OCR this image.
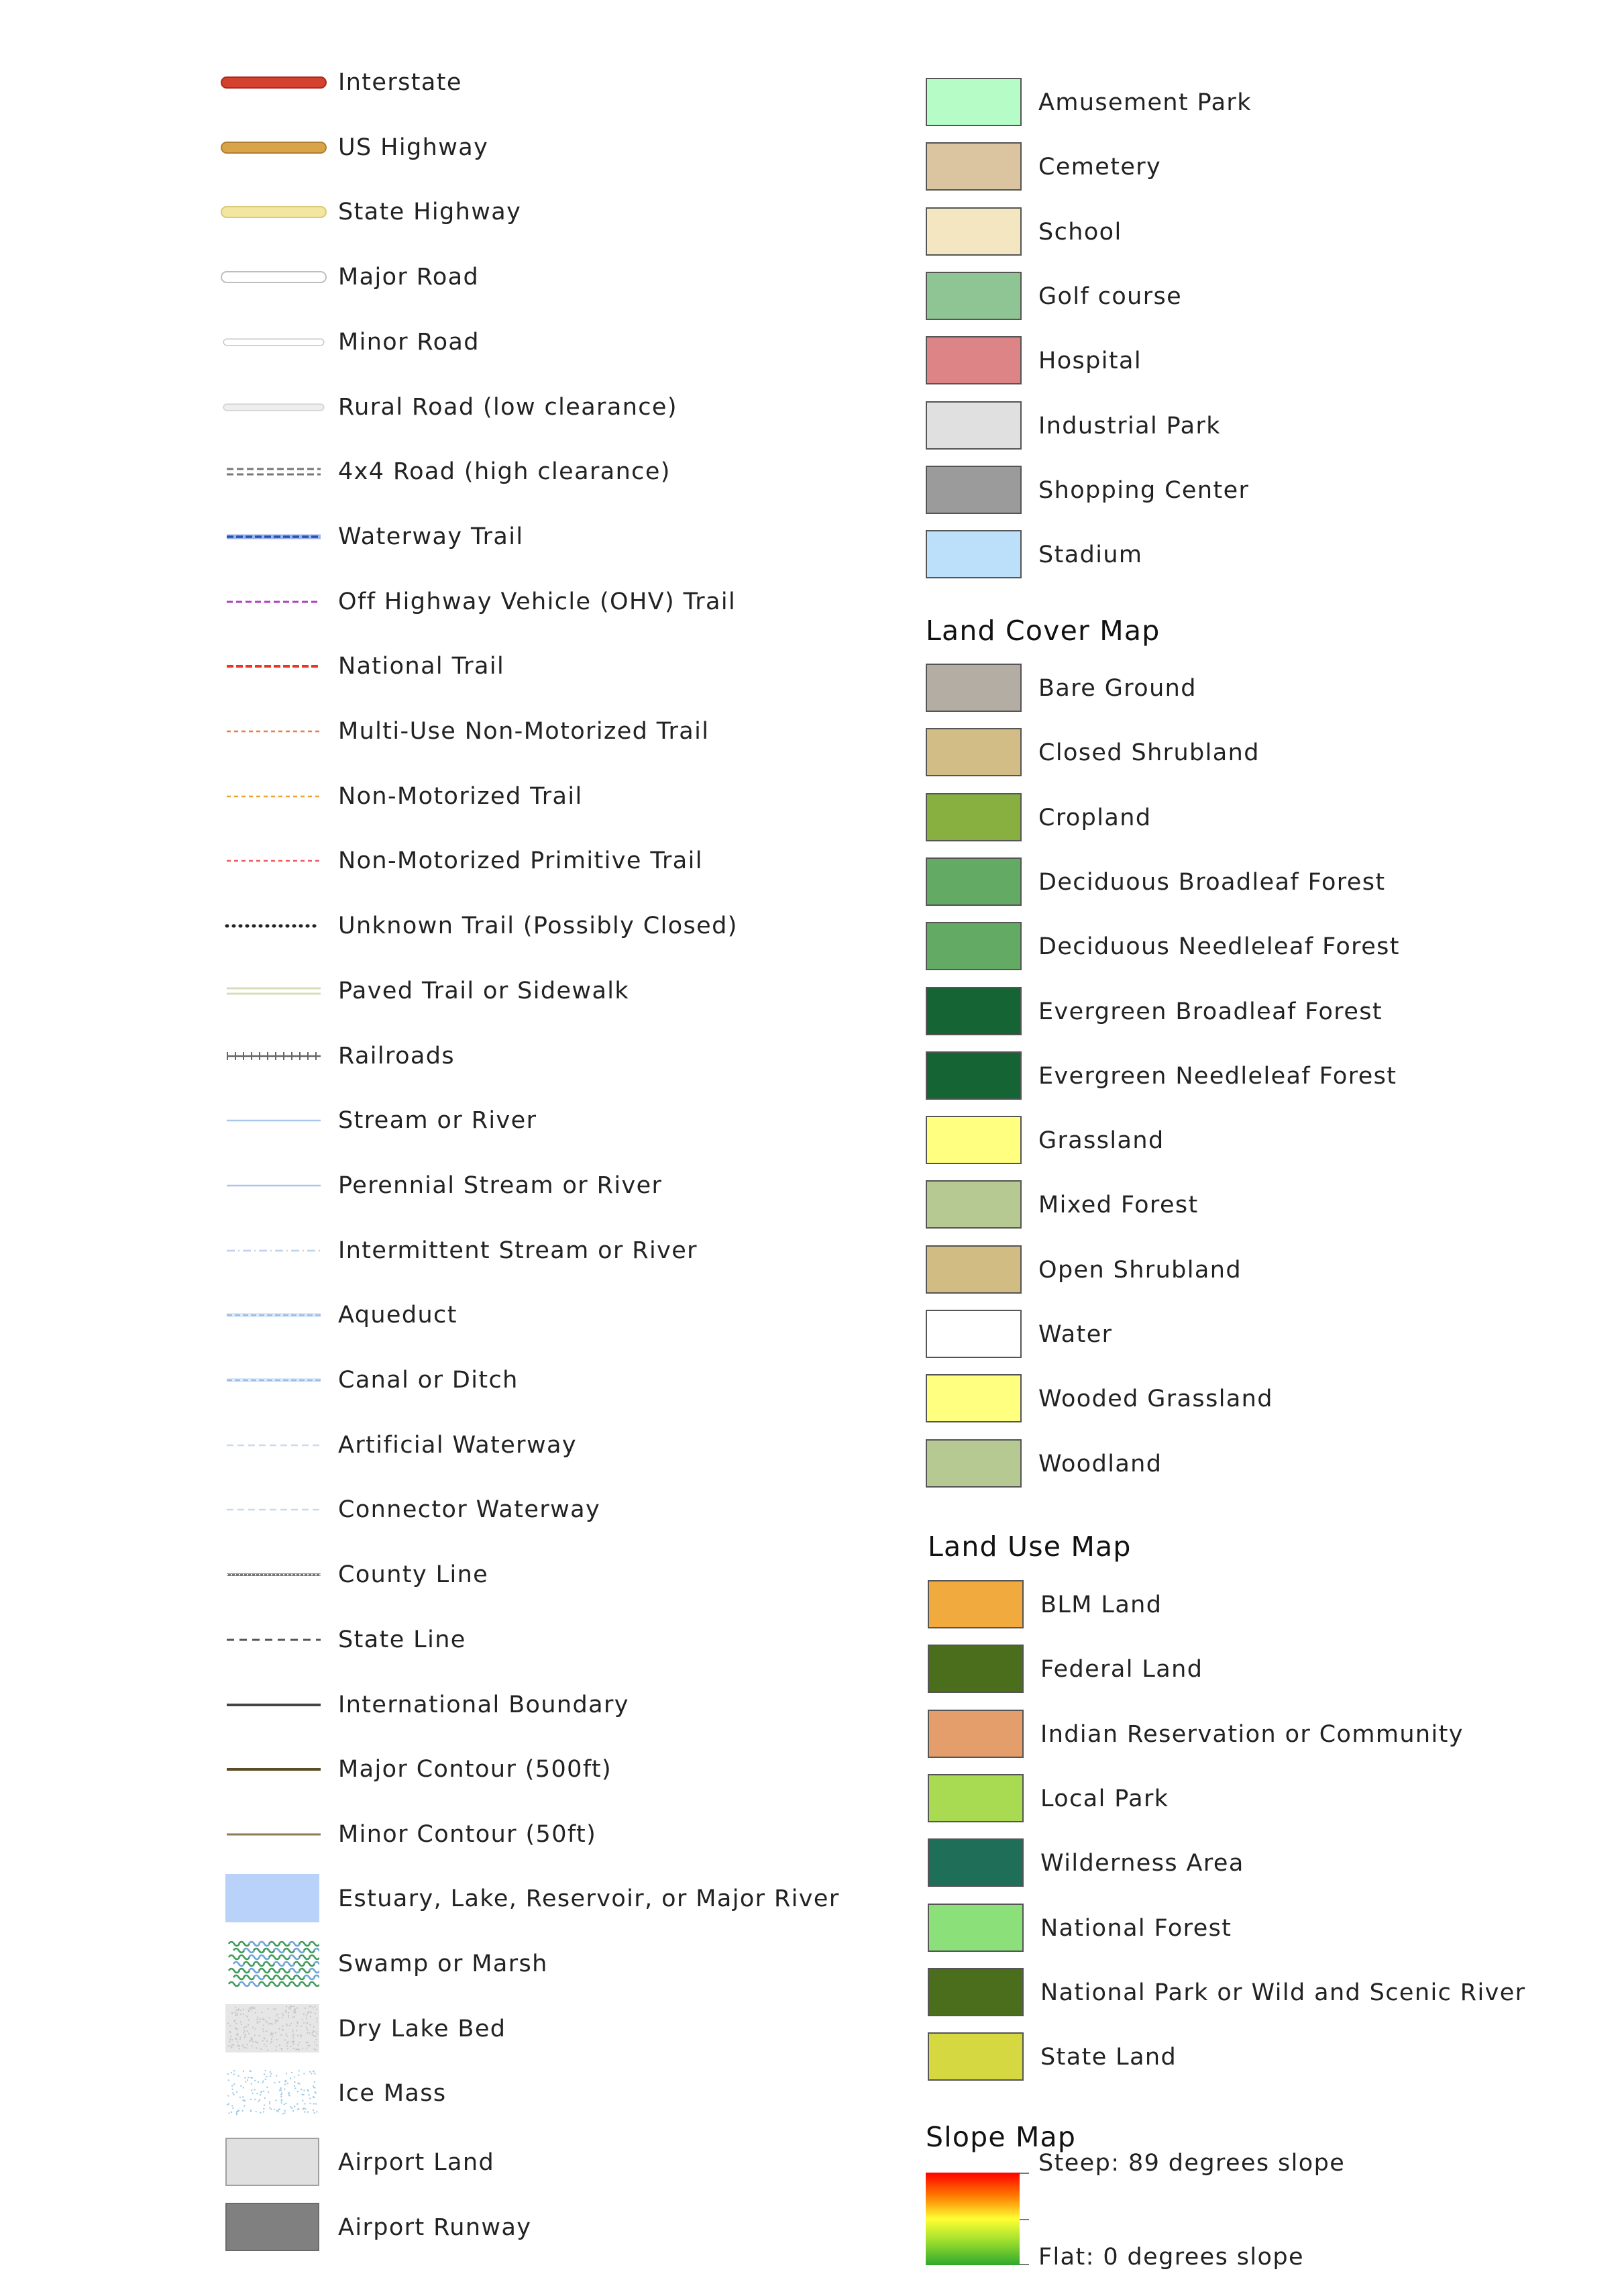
Interstate
US Highway
State Highway
Major Road
Minor Road
Rural Road (low clearance)
4x4 Road (high clearance)
Waterway Trail
Off Highway Vehicle (OHV) Trail
National Trail
Multi-Use Non-Motorized Trail
Non-Motorized Trail
Non-Motorized Primitive Trail
Unknown Trail (Possibly Closed)
Paved Trail or Sidewalk
Railroads
Stream or River
Perennial Stream or River
Intermittent Stream or River
Aqueduct
Canal or Ditch
Artificial Waterway
Connector Waterway
County Line
State Line
International Boundary
Major Contour (500ft)
Minor Contour (50ft)
Estuary, Lake, Reservoir, or Major River
Swamp or Marsh
Dry Lake Bed
Ice Mass
Airport Land
Airport Runway
Amusement Park
Cemetery
School
Golf course
Hospital
Industrial Park
Shopping Center
Stadium
Land Cover Map
Bare Ground
Closed Shrubland
Cropland
Deciduous Broadleaf Forest
Deciduous Needleleaf Forest
Evergreen Broadleaf Forest
Evergreen Needleleaf Forest
Grassland
Mixed Forest
Open Shrubland
Water
Wooded Grassland
Woodland
Land Use Map
BLM Land
Federal Land
Indian Reservation or Community
Local Park
Wilderness Area
National Forest
National Park or Wild and Scenic River
State Land
Slope Map
Steep: 89 degrees slope
Flat: 0 degrees slope
